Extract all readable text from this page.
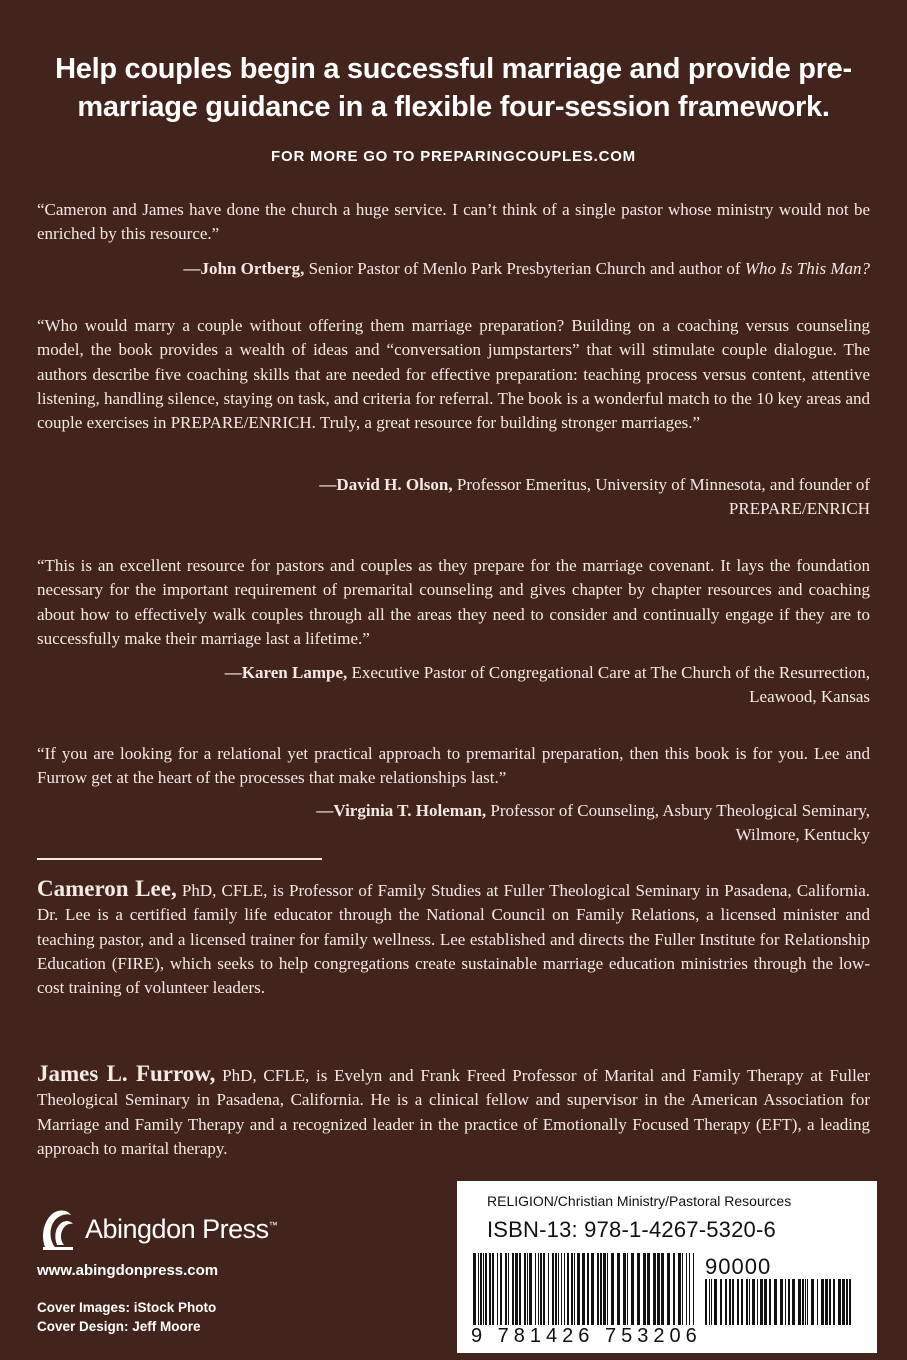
Help couples begin a successful marriage and provide pre-marriage guidance in a flexible four-session framework.
FOR MORE GO TO PREPARINGCOUPLES.COM
“Cameron and James have done the church a huge service. I can’t think of a single pastor whose ministry would not be enriched by this resource.”
—John Ortberg, Senior Pastor of Menlo Park Presbyterian Church and author of Who Is This Man?
“Who would marry a couple without offering them marriage preparation? Building on a coaching versus counseling model, the book provides a wealth of ideas and “conversation jumpstarters” that will stimulate couple dialogue. The authors describe five coaching skills that are needed for effective preparation: teaching process versus content, attentive listening, handling silence, staying on task, and criteria for referral. The book is a wonderful match to the 10 key areas and couple exercises in PREPARE/ENRICH. Truly, a great resource for building stronger marriages.”
—David H. Olson, Professor Emeritus, University of Minnesota, and founder of
PREPARE/ENRICH
“This is an excellent resource for pastors and couples as they prepare for the marriage covenant. It lays the foundation necessary for the important requirement of premarital counseling and gives chapter by chapter resources and coaching about how to effectively walk couples through all the areas they need to consider and continually engage if they are to successfully make their marriage last a lifetime.”
—Karen Lampe, Executive Pastor of Congregational Care at The Church of the Resurrection,
Leawood, Kansas
“If you are looking for a relational yet practical approach to premarital preparation, then this book is for you. Lee and Furrow get at the heart of the processes that make relationships last.”
—Virginia T. Holeman, Professor of Counseling, Asbury Theological Seminary,
Wilmore, Kentucky
Cameron Lee, PhD, CFLE, is Professor of Family Studies at Fuller Theological Seminary in Pasadena, California. Dr. Lee is a certified family life educator through the National Council on Family Relations, a licensed minister and teaching pastor, and a licensed trainer for family wellness. Lee established and directs the Fuller Institute for Relationship Education (FIRE), which seeks to help congregations create sustainable marriage education ministries through the low-cost training of volunteer leaders.
James L. Furrow, PhD, CFLE, is Evelyn and Frank Freed Professor of Marital and Family Therapy at Fuller Theological Seminary in Pasadena, California. He is a clinical fellow and supervisor in the American Association for Marriage and Family Therapy and a recognized leader in the practice of Emotionally Focused Therapy (EFT), a leading approach to marital therapy.
Abingdon Press™
www.abingdonpress.com
Cover Images: iStock Photo
Cover Design: Jeff Moore
RELIGION/Christian Ministry/Pastoral Resources
ISBN-13: 978-1-4267-5320-6
90000
9 781426 753206
